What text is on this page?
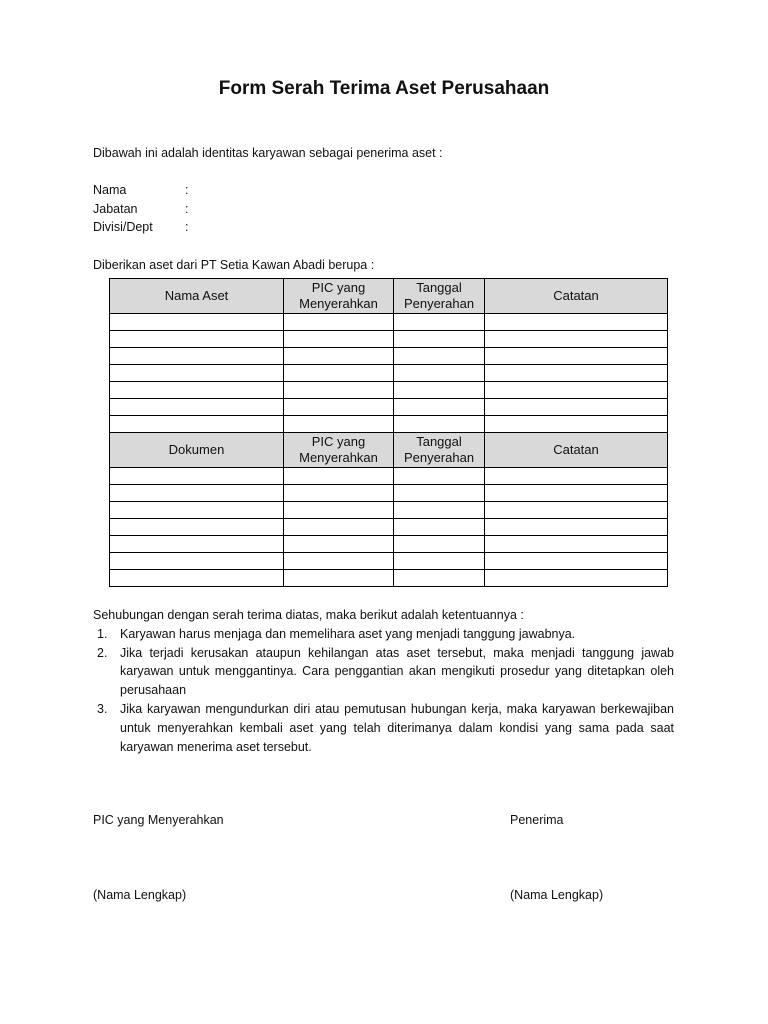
Form Serah Terima Aset Perusahaan
Dibawah ini adalah identitas karyawan sebagai penerima aset :
Nama	:
Jabatan	:
Divisi/Dept	:
Diberikan aset dari PT Setia Kawan Abadi berupa :
Nama Aset	PIC yang Menyerahkan	Tanggal Penyerahan	Catatan

Dokumen	PIC yang Menyerahkan	Tanggal Penyerahan	Catatan

Sehubungan dengan serah terima diatas, maka berikut adalah ketentuannya :
1. Karyawan harus menjaga dan memelihara aset yang menjadi tanggung jawabnya.
2. Jika terjadi kerusakan ataupun kehilangan atas aset tersebut, maka menjadi tanggung jawab karyawan untuk menggantinya. Cara penggantian akan mengikuti prosedur yang ditetapkan oleh perusahaan
3. Jika karyawan mengundurkan diri atau pemutusan hubungan kerja, maka karyawan berkewajiban untuk menyerahkan kembali aset yang telah diterimanya dalam kondisi yang sama pada saat karyawan menerima aset tersebut.
PIC yang Menyerahkan	Penerima
(Nama Lengkap)	(Nama Lengkap)
